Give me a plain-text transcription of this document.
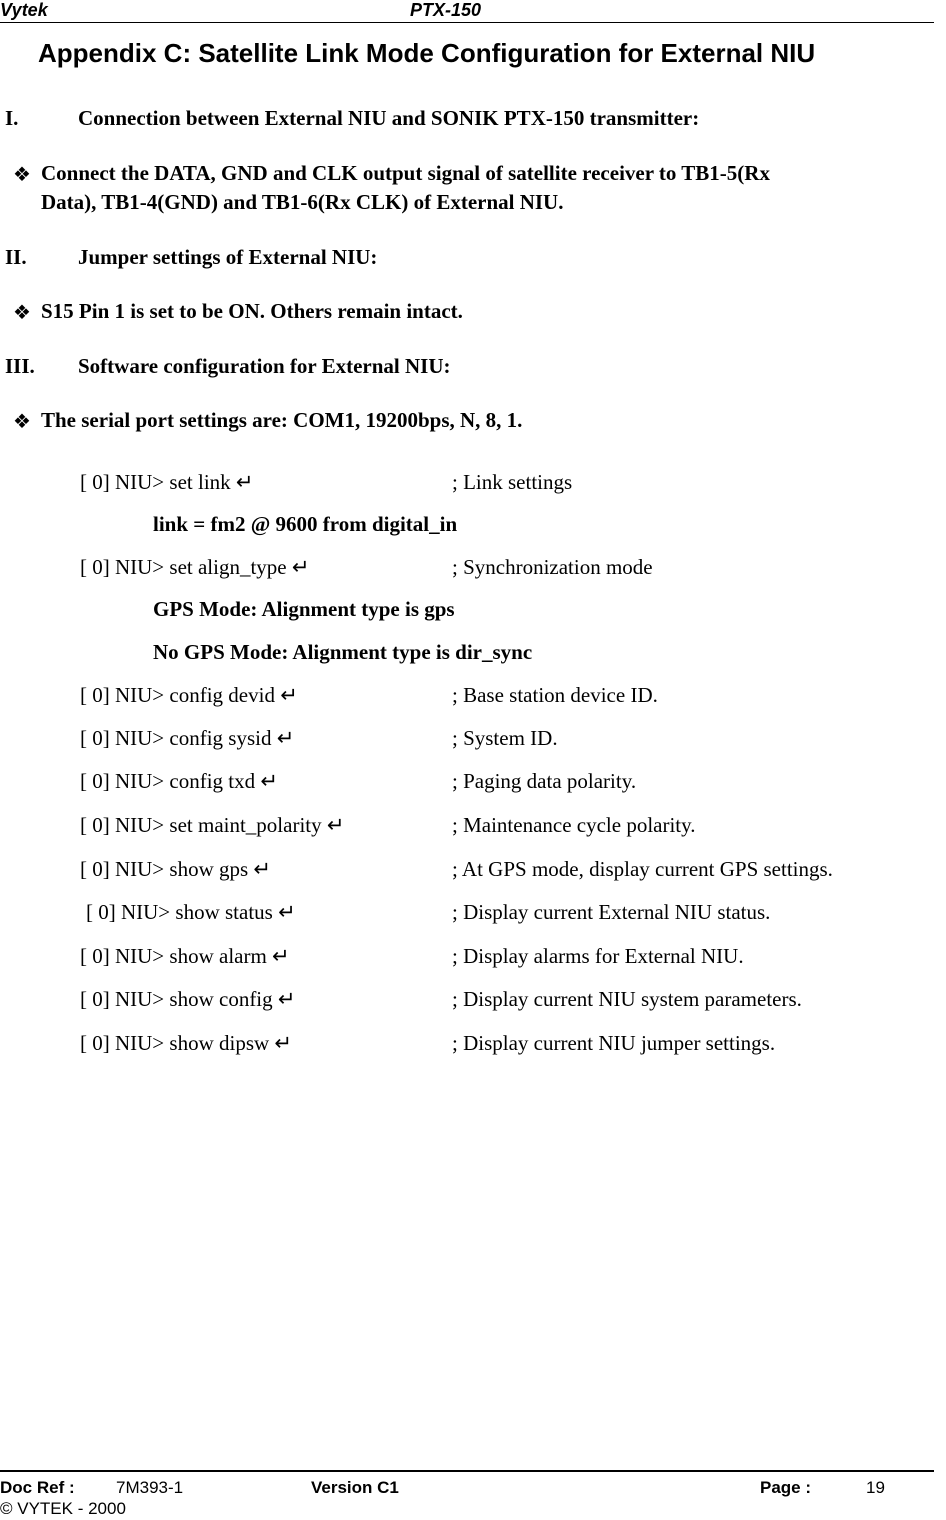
Vytek	PTX-150
Appendix C: Satellite Link Mode Configuration for External NIU
I.	Connection between External NIU and SONIK PTX-150 transmitter:
❖ Connect the DATA, GND and CLK output signal of satellite receiver to TB1-5(Rx
Data), TB1-4(GND) and TB1-6(Rx CLK) of External NIU.
II. Jumper settings of External NIU:
❖ S15 Pin 1 is set to be ON. Others remain intact.
III. Software configuration for External NIU:
❖ The serial port settings are: COM1, 19200bps, N, 8, 1.
[ 0] NIU> set link ↵	; Link settings
link = fm2 @ 9600 from digital_in
[ 0] NIU> set align_type ↵	; Synchronization mode
GPS Mode: Alignment type is gps
No GPS Mode: Alignment type is dir_sync
[ 0] NIU> config devid ↵	; Base station device ID.
[ 0] NIU> config sysid ↵	; System ID.
[ 0] NIU> config txd ↵	; Paging data polarity.
[ 0] NIU> set maint_polarity ↵	; Maintenance cycle polarity.
[ 0] NIU> show gps ↵	; At GPS mode, display current GPS settings.
[ 0] NIU> show status ↵	; Display current External NIU status.
[ 0] NIU> show alarm ↵	; Display alarms for External NIU.
[ 0] NIU> show config ↵	; Display current NIU system parameters.
[ 0] NIU> show dipsw ↵	; Display current NIU jumper settings.
Doc Ref : 7M393-1	Version C1	Page :	19
© VYTEK - 2000
